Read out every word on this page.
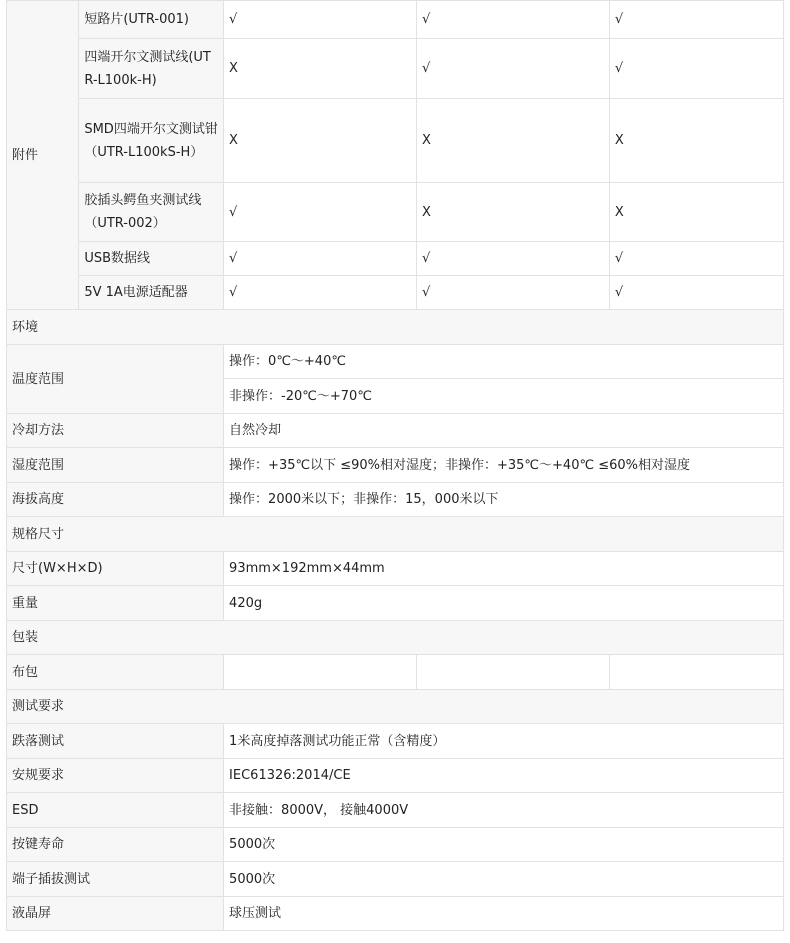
附件	短路片(UTR-001)	√	√	√
	四端开尔文测试线(UTR-L100k-H)	X	√	√
	SMD四端开尔文测试钳（UTR-L100kS-H）	X	X	X
	胶插头鳄鱼夹测试线（UTR-002）	√	X	X
	USB数据线	√	√	√
	5V 1A电源适配器	√	√	√
环境				
温度范围		操作：0℃～+40℃		
		非操作：-20℃～+70℃		
冷却方法		自然冷却		
湿度范围		操作：+35℃以下 ≤90%相对湿度；非操作：+35℃～+40℃ ≤60%相对湿度		
海拔高度		操作：2000米以下；非操作：15，000米以下		
规格尺寸				
尺寸(W×H×D)		93mm×192mm×44mm		
重量		420g		
包装				
布包				
测试要求				
跌落测试		1米高度掉落测试功能正常（含精度）		
安规要求		IEC61326:2014/CE		
ESD		非接触：8000V， 接触4000V		
按键寿命		5000次		
端子插拔测试		5000次		
液晶屏		球压测试		
